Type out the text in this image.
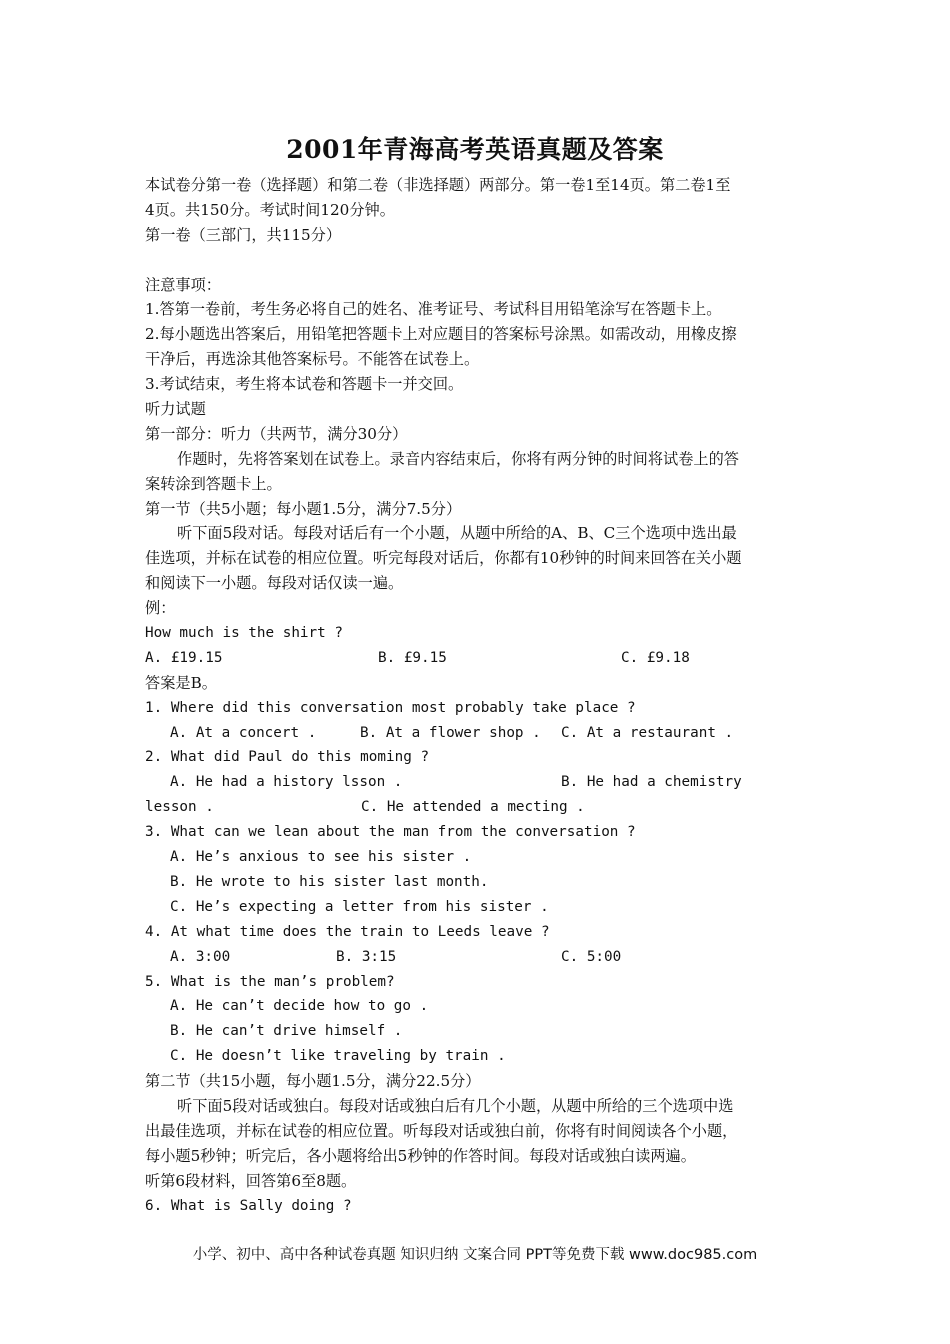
2001年青海高考英语真题及答案
本试卷分第一卷（选择题）和第二卷（非选择题）两部分。第一卷1至14页。第二卷1至
4页。共150分。考试时间120分钟。
第一卷（三部门，共115分）
注意事项：
1.答第一卷前，考生务必将自己的姓名、准考证号、考试科目用铅笔涂写在答题卡上。
2.每小题选出答案后，用铅笔把答题卡上对应题目的答案标号涂黑。如需改动，用橡皮擦
干净后，再选涂其他答案标号。不能答在试卷上。
3.考试结束，考生将本试卷和答题卡一并交回。
听力试题
第一部分：听力（共两节，满分30分）
作题时，先将答案划在试卷上。录音内容结束后，你将有两分钟的时间将试卷上的答
案转涂到答题卡上。
第一节（共5小题；每小题1.5分，满分7.5分）
听下面5段对话。每段对话后有一个小题，从题中所给的A、B、C三个选项中选出最
佳选项，并标在试卷的相应位置。听完每段对话后，你都有10秒钟的时间来回答在关小题
和阅读下一小题。每段对话仅读一遍。
例：
How much is the shirt ?
A. £19.15	B. £9.15	C. £9.18
答案是B。
1. Where did this conversation most probably take place ?
A. At a concert .	B. At a flower shop . C. At a restaurant .
2. What did Paul do this moming ?
A. He had a history lsson .	B. He had a chemistry
lesson .	C. He attended a mecting .
3. What can we lean about the man from the conversation ?
A. He’s anxious to see his sister .
B. He wrote to his sister last month.
C. He’s expecting a letter from his sister .
4. At what time does the train to Leeds leave ?
A. 3:00	B. 3:15	C. 5:00
5. What is the man’s problem?
A. He can’t decide how to go .
B. He can’t drive himself .
C. He doesn’t like traveling by train .
第二节（共15小题，每小题1.5分，满分22.5分）
听下面5段对话或独白。每段对话或独白后有几个小题，从题中所给的三个选项中选
出最佳选项，并标在试卷的相应位置。听每段对话或独白前，你将有时间阅读各个小题，
每小题5秒钟；听完后，各小题将给出5秒钟的作答时间。每段对话或独白读两遍。
听第6段材料，回答第6至8题。
6. What is Sally doing ?
小学、初中、高中各种试卷真题 知识归纳 文案合同 PPT等免费下载 www.doc985.com
